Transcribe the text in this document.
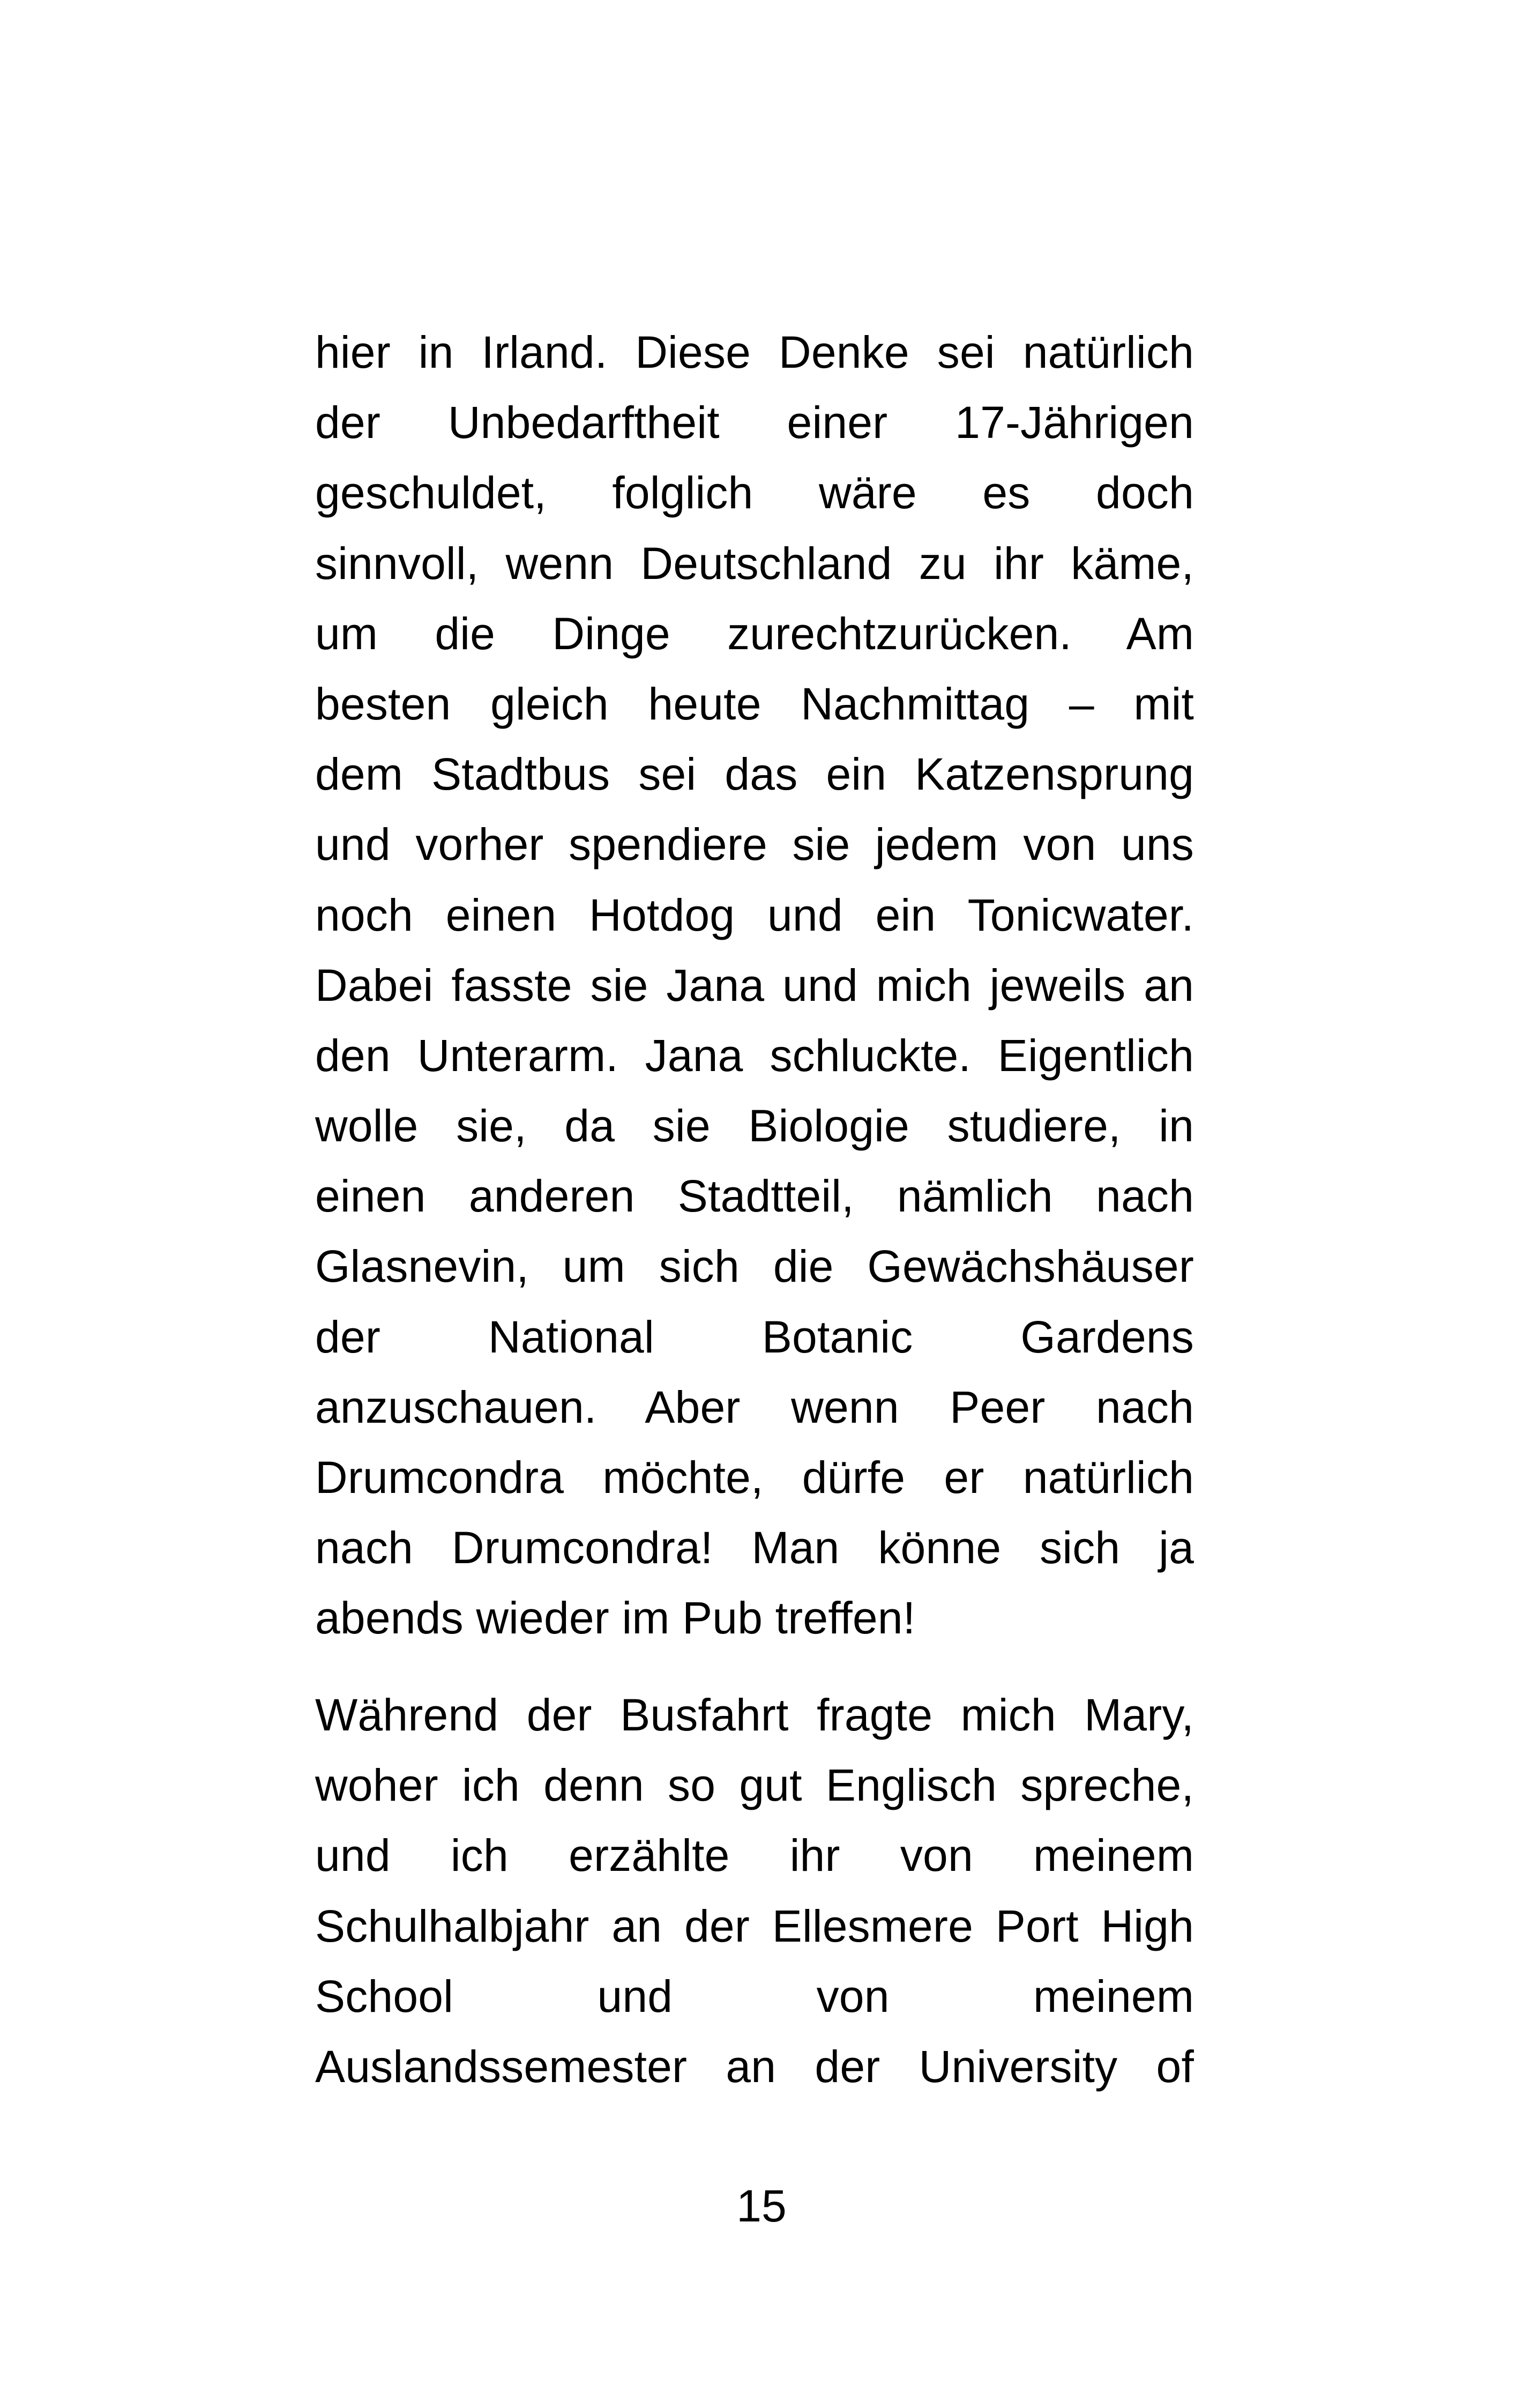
hier in Irland. Diese Denke sei natürlich
der Unbedarftheit einer 17-Jährigen
geschuldet, folglich wäre es doch
sinnvoll, wenn Deutschland zu ihr käme,
um die Dinge zurechtzurücken. Am
besten gleich heute Nachmittag – mit
dem Stadtbus sei das ein Katzensprung
und vorher spendiere sie jedem von uns
noch einen Hotdog und ein Tonicwater.
Dabei fasste sie Jana und mich jeweils an
den Unterarm. Jana schluckte. Eigentlich
wolle sie, da sie Biologie studiere, in
einen anderen Stadtteil, nämlich nach
Glasnevin, um sich die Gewächshäuser
der National Botanic Gardens
anzuschauen. Aber wenn Peer nach
Drumcondra möchte, dürfe er natürlich
nach Drumcondra! Man könne sich ja
abends wieder im Pub treffen!
Während der Busfahrt fragte mich Mary,
woher ich denn so gut Englisch spreche,
und ich erzählte ihr von meinem
Schulhalbjahr an der Ellesmere Port High
School und von meinem
Auslandssemester an der University of
15
